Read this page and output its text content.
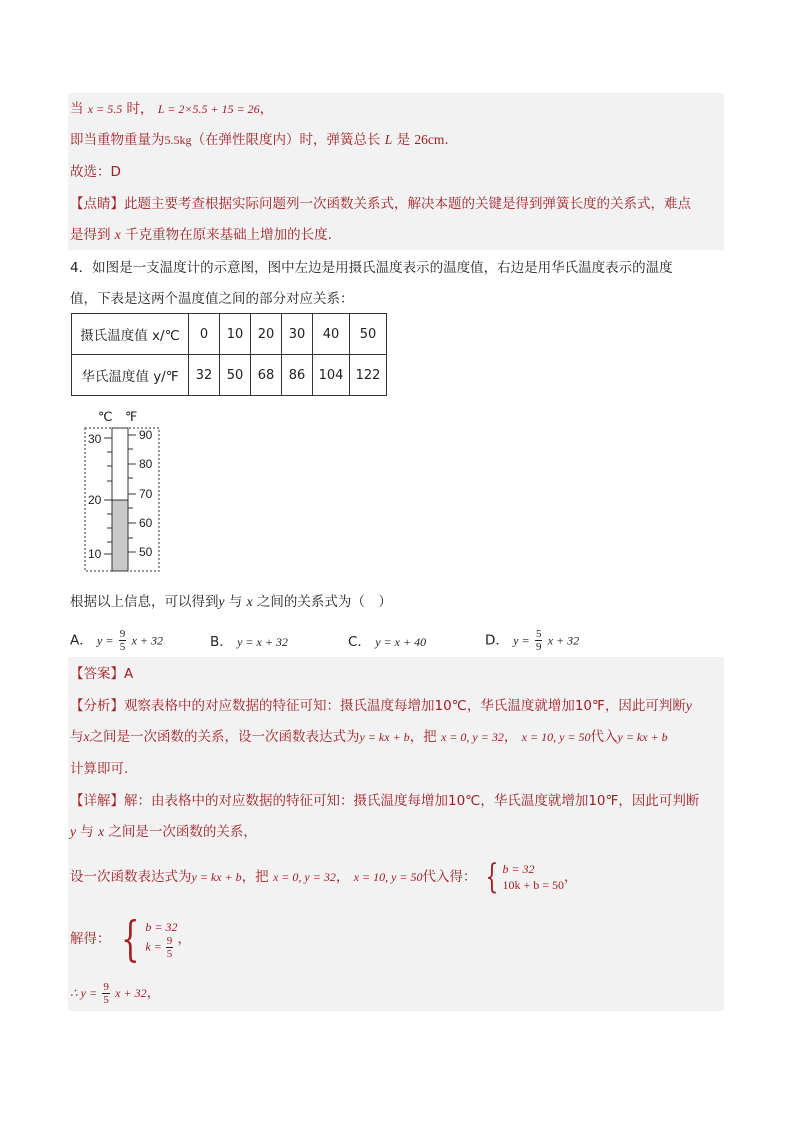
当 x = 5.5 时， L = 2×5.5 + 15 = 26，
即当重物重量为5.5kg（在弹性限度内）时，弹簧总长 L 是 26cm.
故选：D
【点睛】此题主要考查根据实际问题列一次函数关系式，解决本题的关键是得到弹簧长度的关系式，难点
是得到 x 千克重物在原来基础上增加的长度.
4．如图是一支温度计的示意图，图中左边是用摄氏温度表示的温度值，右边是用华氏温度表示的温度
值，下表是这两个温度值之间的部分对应关系：
摄氏温度值 x/℃	0	10	20	30	40	50
华氏温度值 y/℉	32	50	68	86	104	122
℃ ℉
30
20
10
90
80
70
60
50
根据以上信息，可以得到y 与 x 之间的关系式为（　）
A． $y = \frac{9}{5}$ x + 32	B． y = x + 32	C． y = x + 40	D． $y = \frac{5}{9}$ x + 32
【答案】A
【分析】观察表格中的对应数据的特征可知：摄氏温度每增加10℃，华氏温度就增加10℉，因此可判断y
与x之间是一次函数的关系，设一次函数表达式为y = kx + b，把 x = 0, y = 32， x = 10, y = 50代入y = kx + b
计算即可.
【详解】解：由表格中的对应数据的特征可知：摄氏温度每增加10℃，华氏温度就增加10℉，因此可判断
y 与 x 之间是一次函数的关系，
设一次函数表达式为y = kx + b，把 x = 0, y = 32， x = 10, y = 50代入得： { b = 32
10k + b = 50 ，
解得： { b = 32
$k = \frac{9}{5}$ ，
∴ $y = \frac{9}{5}$ x + 32，
